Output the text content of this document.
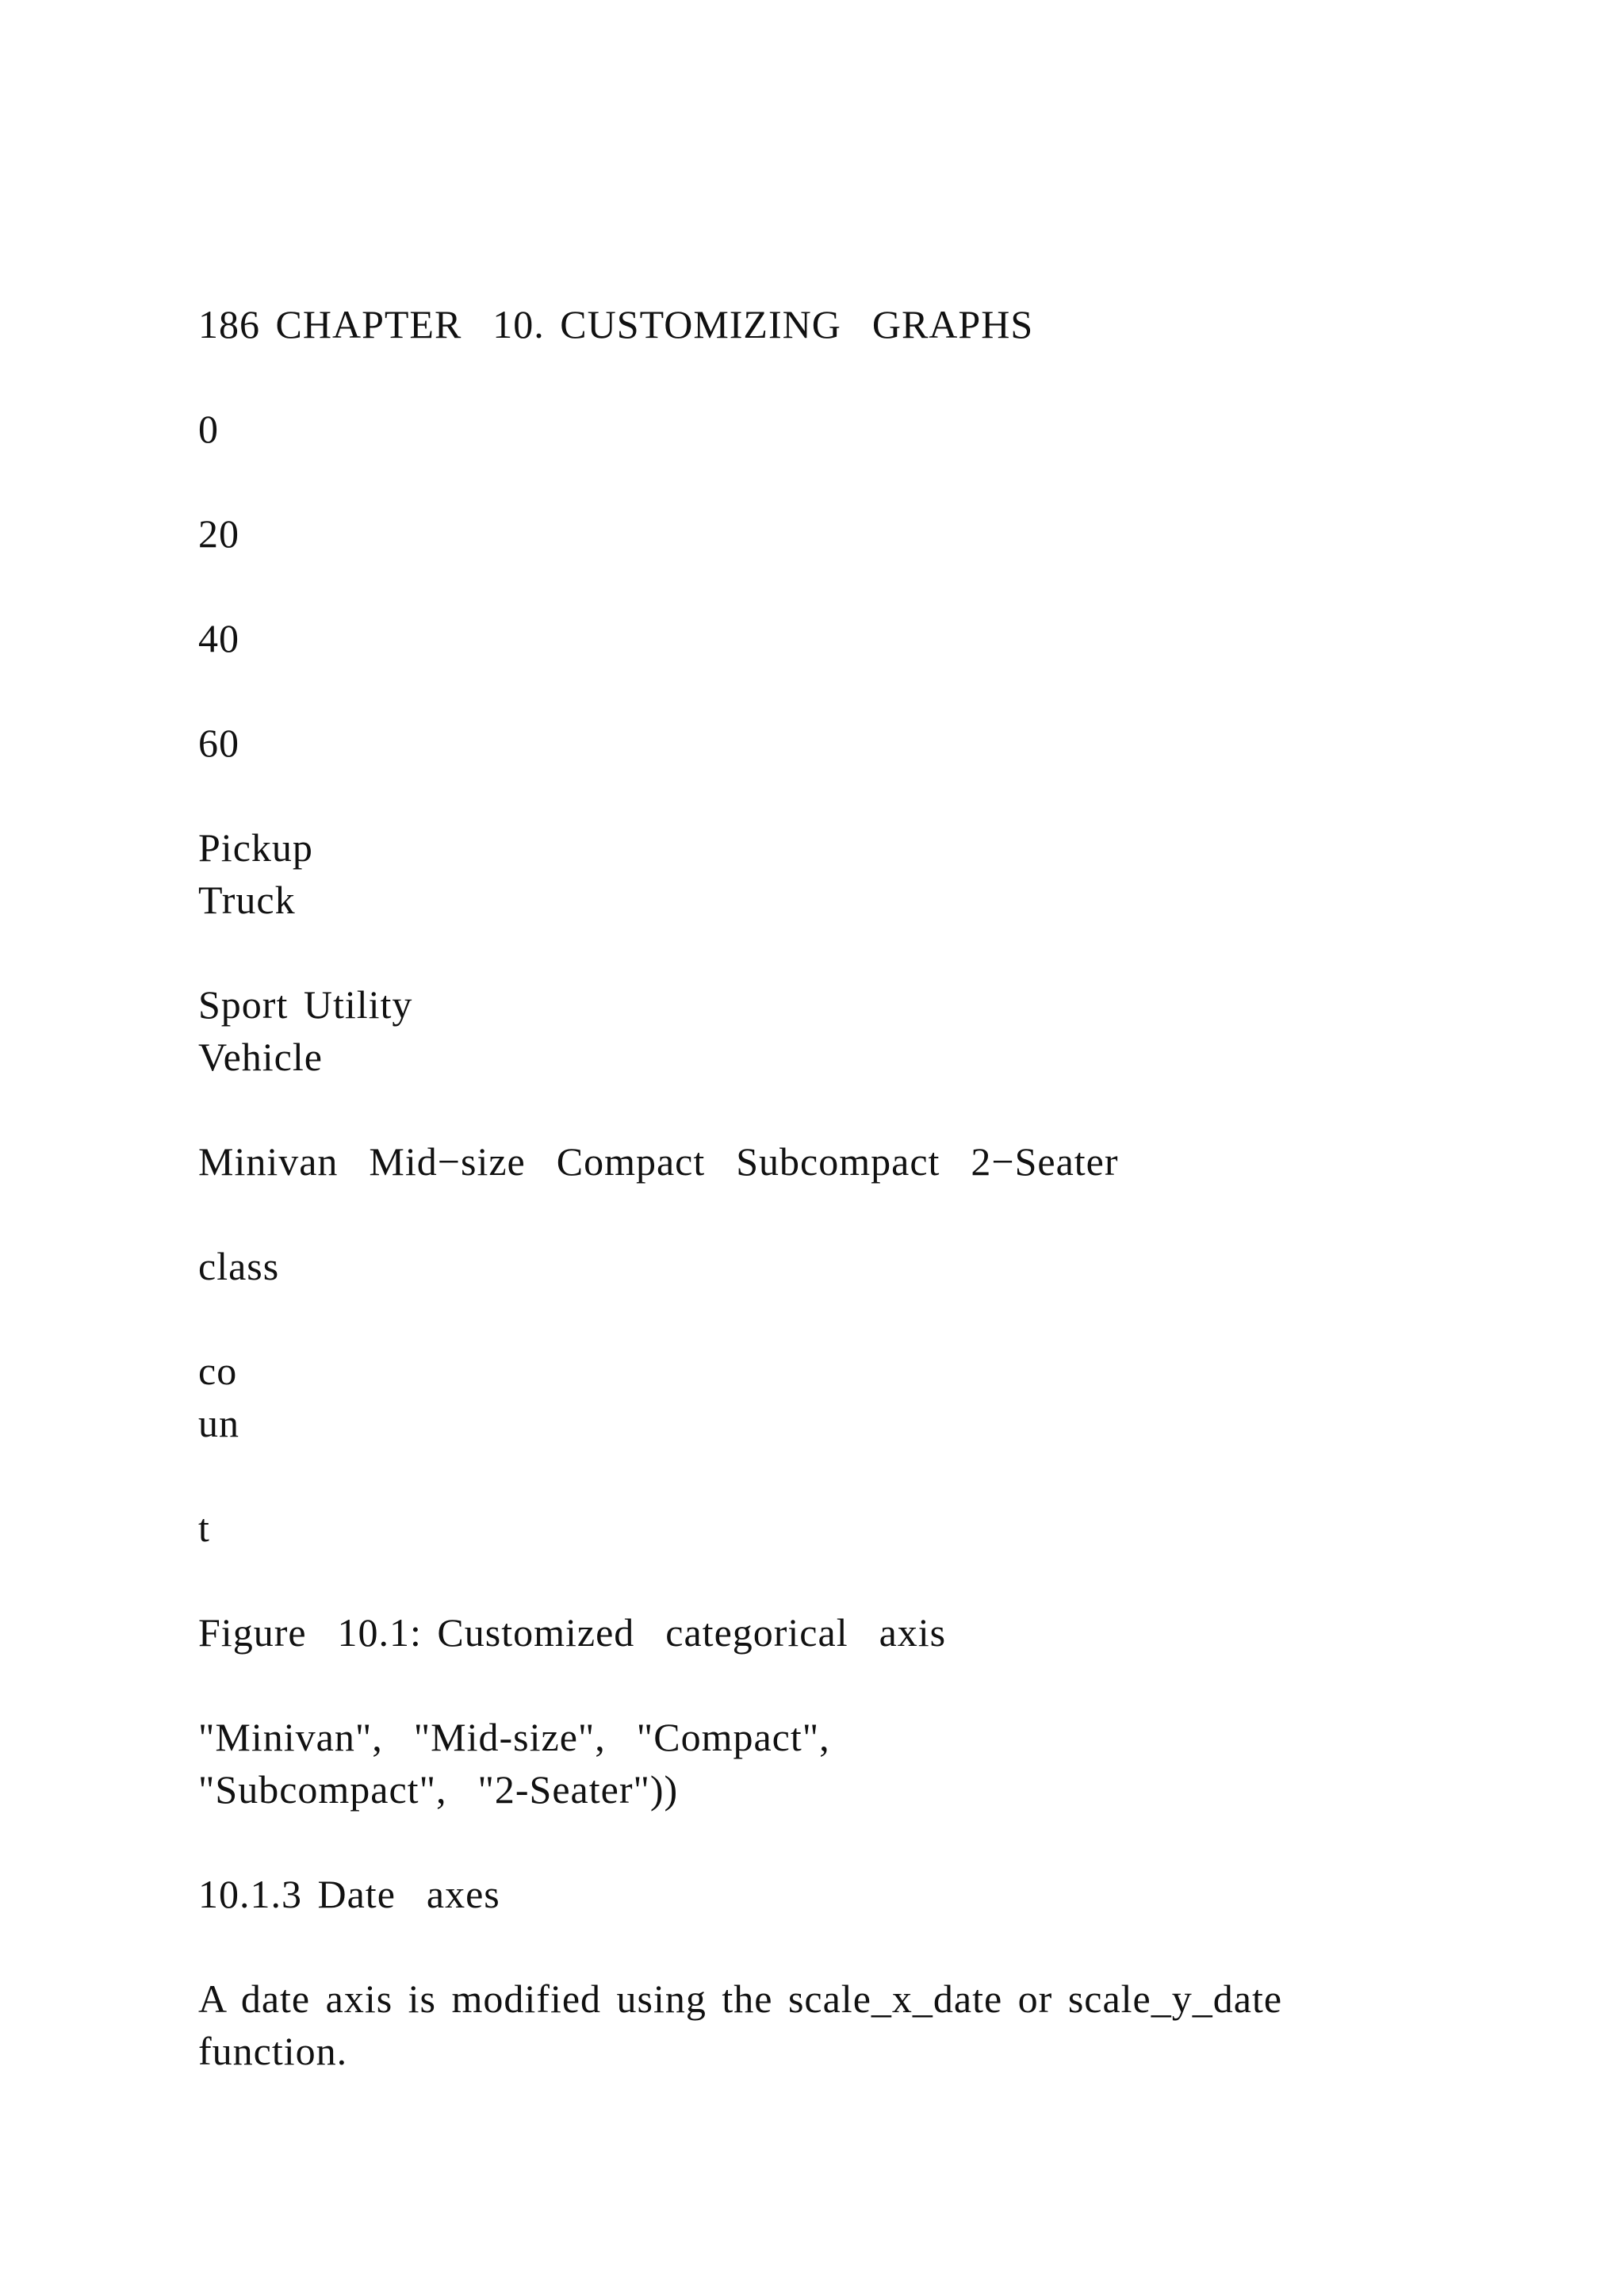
186 CHAPTER  10. CUSTOMIZING  GRAPHS
0
20
40
60
Pickup
Truck
Sport Utility
Vehicle
Minivan  Mid−size  Compact  Subcompact  2−Seater
class
co
un
t
Figure  10.1: Customized  categorical  axis
"Minivan",  "Mid-size",  "Compact",
"Subcompact",  "2-Seater"))
10.1.3 Date  axes
A date axis is modified using the scale_x_date or scale_y_date function.
